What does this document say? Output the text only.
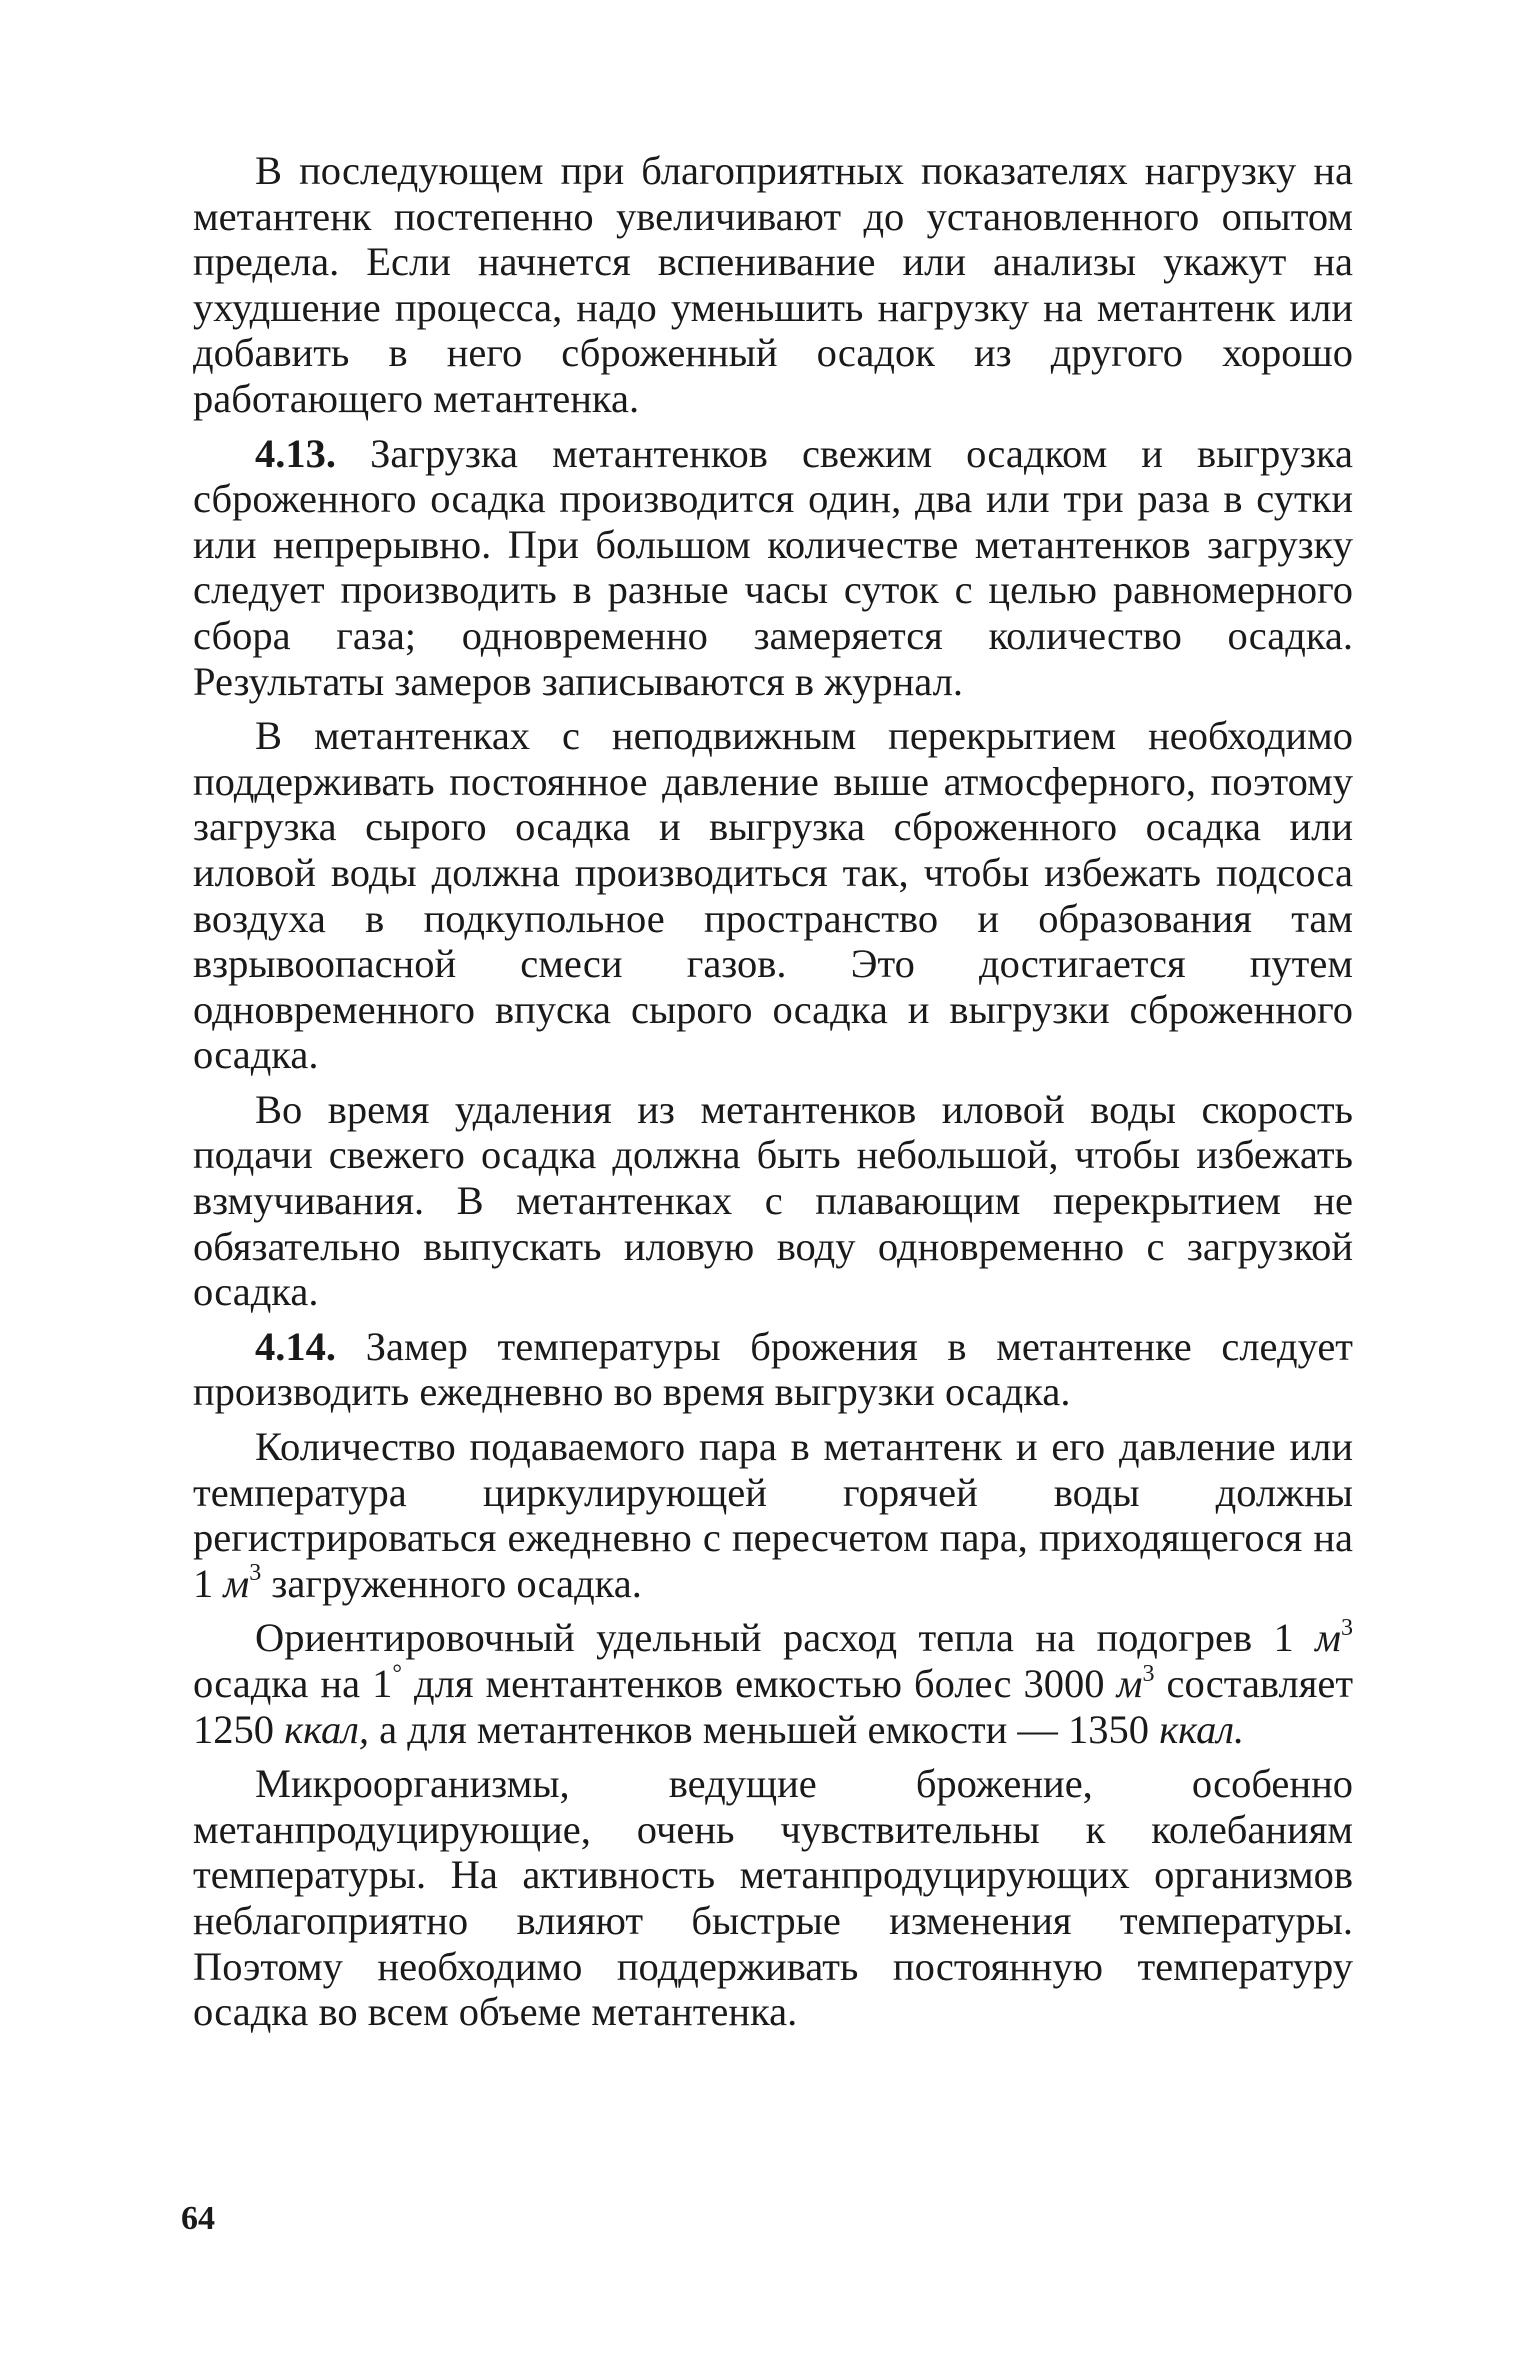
В последующем при благоприятных показателях нагрузку на метантенк постепенно увеличивают до установленного опытом предела. Если начнется вспенивание или анализы укажут на ухудшение процесса, надо уменьшить нагрузку на метантенк или добавить в него сброженный осадок из другого хорошо работающего метантенка.

4.13. Загрузка метантенков свежим осадком и выгрузка сброженного осадка производится один, два или три раза в сутки или непрерывно. При большом количестве метантенков загрузку следует производить в разные часы суток с целью равномерного сбора газа; одновременно замеряется количество осадка. Результаты замеров записываются в журнал.

В метантенках с неподвижным перекрытием необходимо поддерживать постоянное давление выше атмосферного, поэтому загрузка сырого осадка и выгрузка сброженного осадка или иловой воды должна производиться так, чтобы избежать подсоса воздуха в подкупольное пространство и образования там взрывоопасной смеси газов. Это достигается путем одновременного впуска сырого осадка и выгрузки сброженного осадка.

Во время удаления из метантенков иловой воды скорость подачи свежего осадка должна быть небольшой, чтобы избежать взмучивания. В метантенках с плавающим перекрытием не обязательно выпускать иловую воду одновременно с загрузкой осадка.

4.14. Замер температуры брожения в метантенке следует производить ежедневно во время выгрузки осадка.

Количество подаваемого пара в метантенк и его давление или температура циркулирующей горячей воды должны регистрироваться ежедневно с пересчетом пара, приходящегося на 1 $м^3$ загруженного осадка.

Ориентировочный удельный расход тепла на подогрев 1 $м^3$ осадка на 1° для ментантенков емкостью болес 3000 $м^3$ составляет 1250 ккал, а для метантенков меньшей емкости — 1350 ккал.

Микроорганизмы, ведущие брожение, особенно метанпродуцирующие, очень чувствительны к колебаниям температуры. На активность метанпродуцирующих организмов неблагоприятно влияют быстрые изменения температуры. Поэтому необходимо поддерживать постоянную температуру осадка во всем объеме метантенка.

64
